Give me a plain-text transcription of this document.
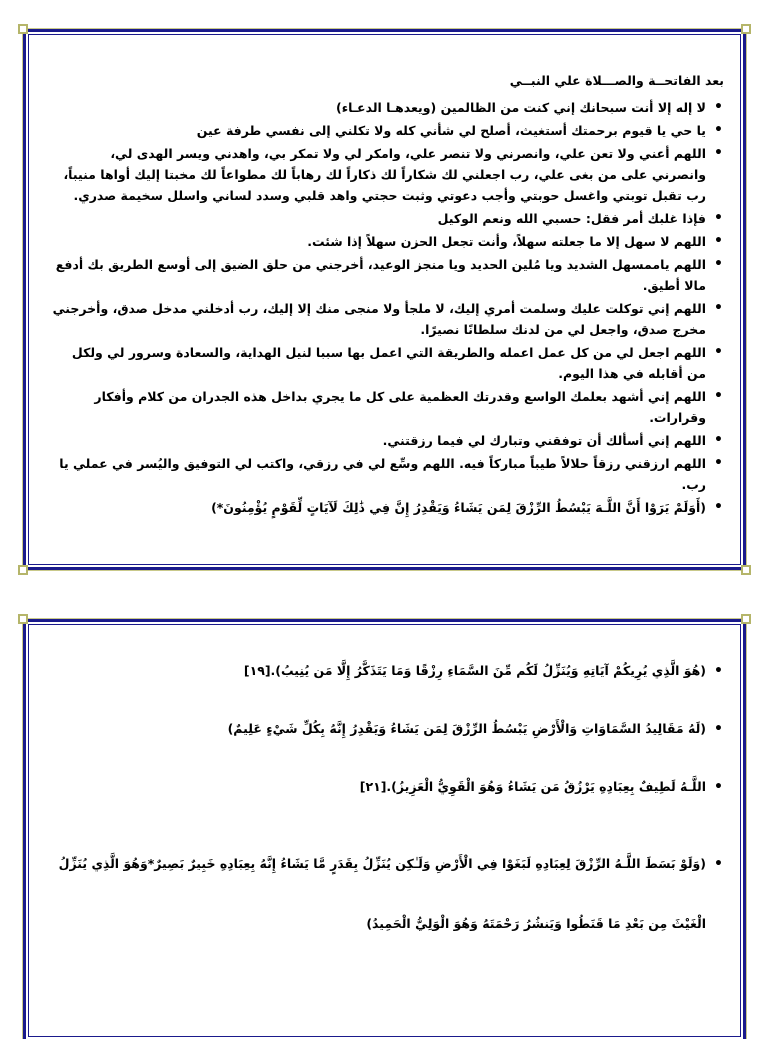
بعد الفاتحــة والصـــلاة علي النبــي

• لا إله إلا أنت سبحانك إني كنت من الظالمين (ويعدهـا الدعـاء)
• يا حي يا قيوم برحمتك أستغيث، أصلح لي شأني كله ولا تكلني إلى نفسي طرفة عين
• اللهم أعني ولا تعن علي، وانصرني ولا تنصر علي، وامكر لي ولا تمكر بي، واهدني ويسر الهدى لي، وانصرني على من بغى علي، رب اجعلني لك شكاراً لك ذكاراً لك رهاباً لك مطواعاً لك مخبتا إليك أواها منيباً، رب تقبل توبتي واغسل حوبتي وأجب دعوتي وثبت حجتي واهد قلبي وسدد لساني واسلل سخيمة صدري.
• فإذا غلبك أمر فقل: حسبي الله ونعم الوكيل
• اللهم لا سهل إلا ما جعلته سهلاً، وأنت تجعل الحزن سهلاً إذا شئت.
• اللهم ياممسهل الشديد ويا مُلين الحديد ويا منجز الوعيد، أخرجني من حلق الضيق إلى أوسع الطريق بك أدفع مالا أطيق.
• اللهم إني توكلت عليك وسلمت أمري إليك، لا ملجأ ولا منجى منك إلا إليك، رب أدخلني مدخل صدق، وأخرجني مخرج صدق، واجعل لي من لدنك سلطانًا نصيرًا.
• اللهم اجعل لي من كل عمل اعمله والطريقة التي اعمل بها سببا لنيل الهداية، والسعادة وسرور لي ولكل من أقابله في هذا اليوم.
• اللهم إني أشهد بعلمك الواسع وقدرتك العظمية على كل ما يجري بداخل هذه الجدران من كلام وأفكار وقرارات.
• اللهم إني أسألك أن توفقني وتبارك لي فيما رزقتني.
• اللهم ارزقني رزقاً حلالاً طيباً مباركاً فيه. اللهم وسِّع لي في رزقي، واكتب لي التوفيق واليُسر في عملي يا رب.
• (أَوَلَمْ يَرَوْا أَنَّ اللَّـهَ يَبْسُطُ الرِّزْقَ لِمَن يَشَاءُ وَيَقْدِرُ إِنَّ فِي ذَٰلِكَ لَآيَاتٍ لِّقَوْمٍ يُؤْمِنُونَ*)
• (هُوَ الَّذِي يُرِيكُمْ آيَاتِهِ وَيُنَزِّلُ لَكُم مِّنَ السَّمَاءِ رِزْقًا وَمَا يَتَذَكَّرُ إِلَّا مَن يُنِيبُ).[١٩]
• (لَهُ مَقَالِيدُ السَّمَاوَاتِ وَالْأَرْضِ يَبْسُطُ الرِّزْقَ لِمَن يَشَاءُ وَيَقْدِرُ إِنَّهُ بِكُلِّ شَيْءٍ عَلِيمٌ)
• اللَّـهُ لَطِيفٌ بِعِبَادِهِ يَرْزُقُ مَن يَشَاءُ وَهُوَ الْقَوِيُّ الْعَزِيزُ).[٢١]
• (وَلَوْ بَسَطَ اللَّـهُ الرِّزْقَ لِعِبَادِهِ لَبَغَوْا فِي الْأَرْضِ وَلَـٰكِن يُنَزِّلُ بِقَدَرٍ مَّا يَشَاءُ إِنَّهُ بِعِبَادِهِ خَبِيرٌ بَصِيرٌ*وَهُوَ الَّذِي يُنَزِّلُ الْغَيْثَ مِن بَعْدِ مَا قَنَطُوا وَيَنشُرُ رَحْمَتَهُ وَهُوَ الْوَلِيُّ الْحَمِيدُ)
